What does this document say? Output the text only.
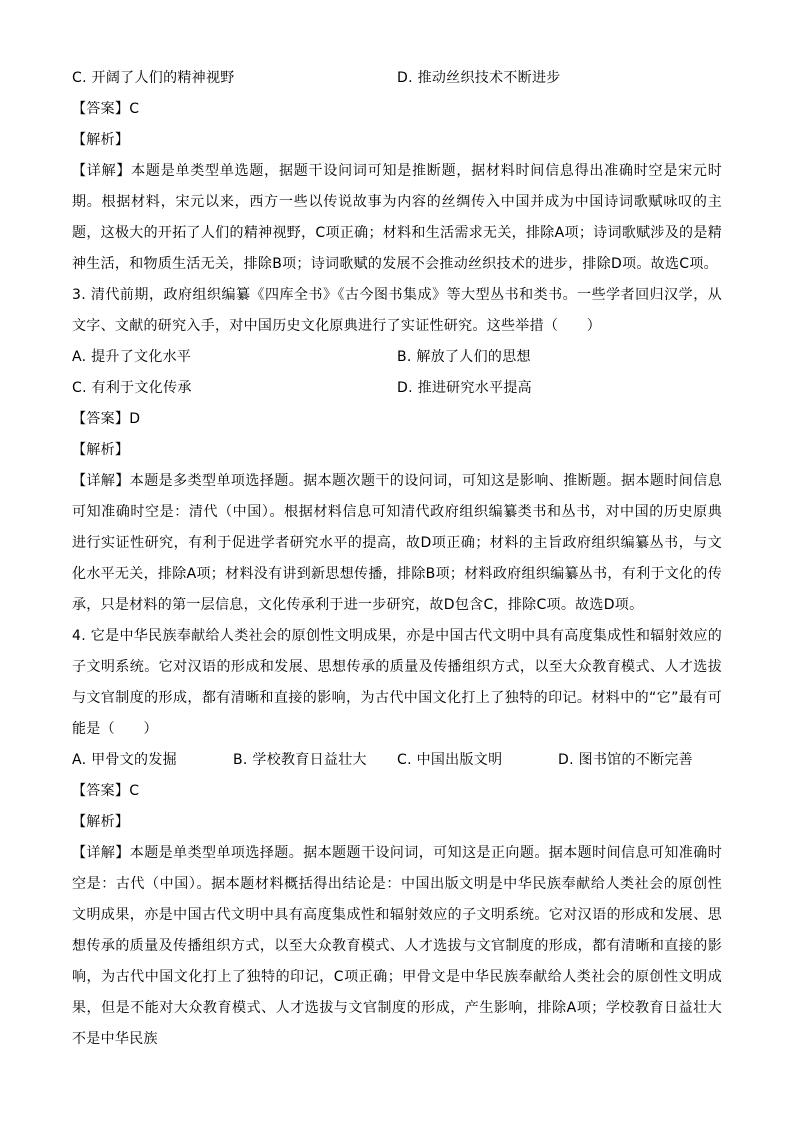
C. 开阔了人们的精神视野	D. 推动丝织技术不断进步
【答案】C
【解析】
【详解】本题是单类型单选题，据题干设问词可知是推断题，据材料时间信息得出准确时空是宋元时期。根据材料，宋元以来，西方一些以传说故事为内容的丝绸传入中国并成为中国诗词歌赋咏叹的主题，这极大的开拓了人们的精神视野，C项正确；材料和生活需求无关，排除A项；诗词歌赋涉及的是精神生活，和物质生活无关，排除B项；诗词歌赋的发展不会推动丝织技术的进步，排除D项。故选C项。
3. 清代前期，政府组织编纂《四库全书》《古今图书集成》等大型丛书和类书。一些学者回归汉学，从文字、文献的研究入手，对中国历史文化原典进行了实证性研究。这些举措（　　）
A. 提升了文化水平	B. 解放了人们的思想
C. 有利于文化传承	D. 推进研究水平提高
【答案】D
【解析】
【详解】本题是多类型单项选择题。据本题次题干的设问词，可知这是影响、推断题。据本题时间信息可知准确时空是：清代（中国）。根据材料信息可知清代政府组织编纂类书和丛书，对中国的历史原典进行实证性研究，有利于促进学者研究水平的提高，故D项正确；材料的主旨政府组织编纂丛书，与文化水平无关，排除A项；材料没有讲到新思想传播，排除B项；材料政府组织编纂丛书，有利于文化的传承，只是材料的第一层信息，文化传承利于进一步研究，故D包含C，排除C项。故选D项。
4. 它是中华民族奉献给人类社会的原创性文明成果，亦是中国古代文明中具有高度集成性和辐射效应的子文明系统。它对汉语的形成和发展、思想传承的质量及传播组织方式，以至大众教育模式、人才选拔与文官制度的形成，都有清晰和直接的影响，为古代中国文化打上了独特的印记。材料中的“它”最有可能是（　　）
A. 甲骨文的发掘	B. 学校教育日益壮大	C. 中国出版文明	D. 图书馆的不断完善
【答案】C
【解析】
【详解】本题是单类型单项选择题。据本题题干设问词，可知这是正向题。据本题时间信息可知准确时空是：古代（中国）。据本题材料概括得出结论是：中国出版文明是中华民族奉献给人类社会的原创性文明成果，亦是中国古代文明中具有高度集成性和辐射效应的子文明系统。它对汉语的形成和发展、思想传承的质量及传播组织方式，以至大众教育模式、人才选拔与文官制度的形成，都有清晰和直接的影响，为古代中国文化打上了独特的印记，C项正确；甲骨文是中华民族奉献给人类社会的原创性文明成果，但是不能对大众教育模式、人才选拔与文官制度的形成，产生影响，排除A项；学校教育日益壮大不是中华民族
